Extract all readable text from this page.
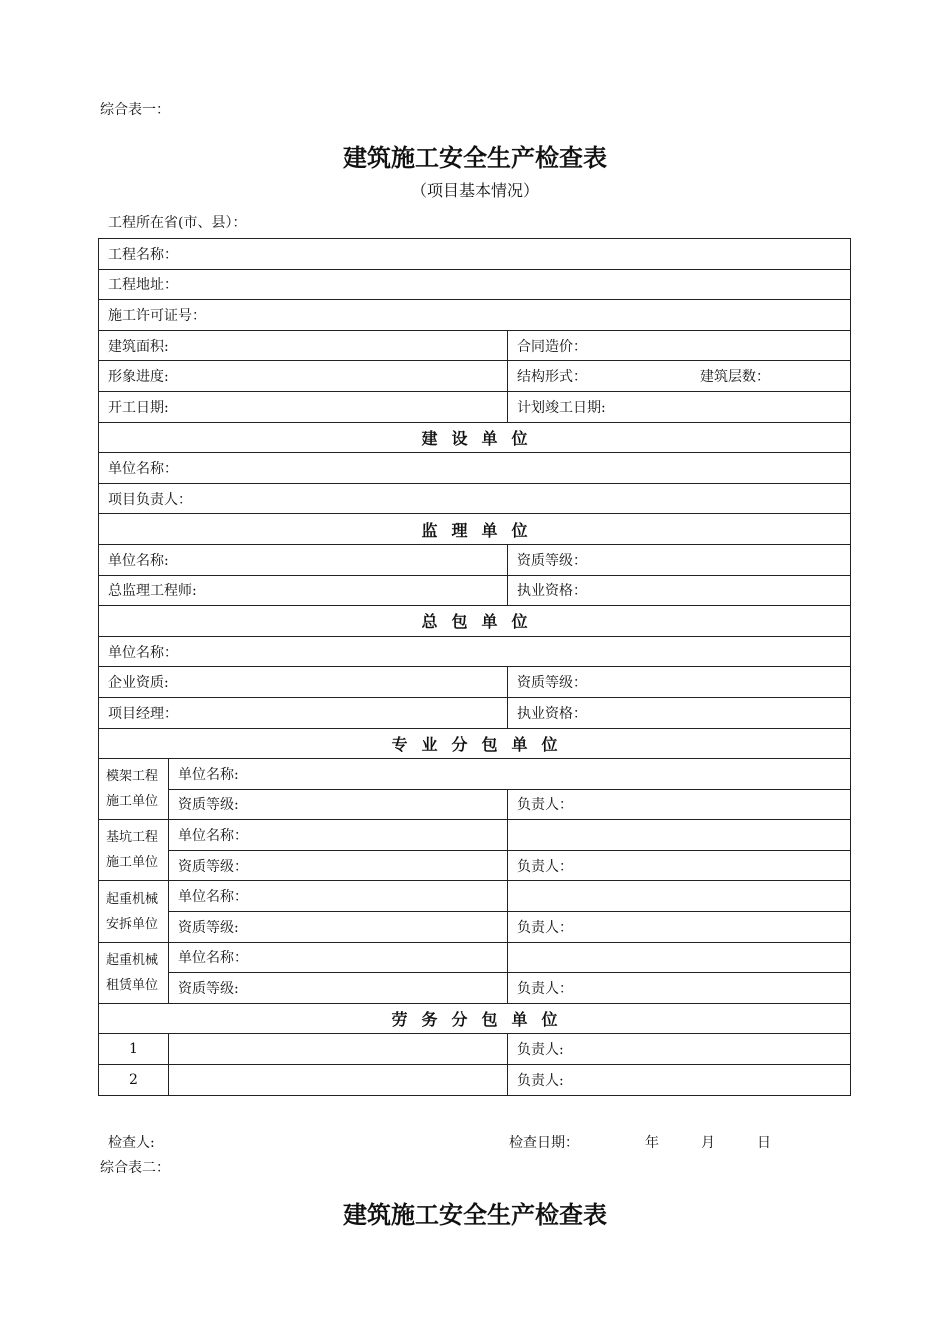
综合表一：
建筑施工安全生产检查表
（项目基本情况）
工程所在省(市、县）：
工程名称：		
工程地址：		
施工许可证号：		
建筑面积:		合同造价：
形象进度:		结构形式： 建筑层数：
开工日期:		计划竣工日期:
建设单位		
单位名称：		
项目负责人：		
监理单位		
单位名称:		资质等级：
总监理工程师:		执业资格：
总包单位		
单位名称：		
企业资质:		资质等级：
项目经理：		执业资格：
专业分包单位		
模架工程
施工单位	单位名称:	
	资质等级:	负责人：
基坑工程
施工单位	单位名称：	
	资质等级：	负责人：
起重机械
安拆单位	单位名称：	
	资质等级:	负责人：
起重机械
租赁单位	单位名称：	
	资质等级:	负责人：
劳务分包单位		
1		负责人:
2		负责人:
检查人:	检查日期：	年	月	日
综合表二：
建筑施工安全生产检查表
